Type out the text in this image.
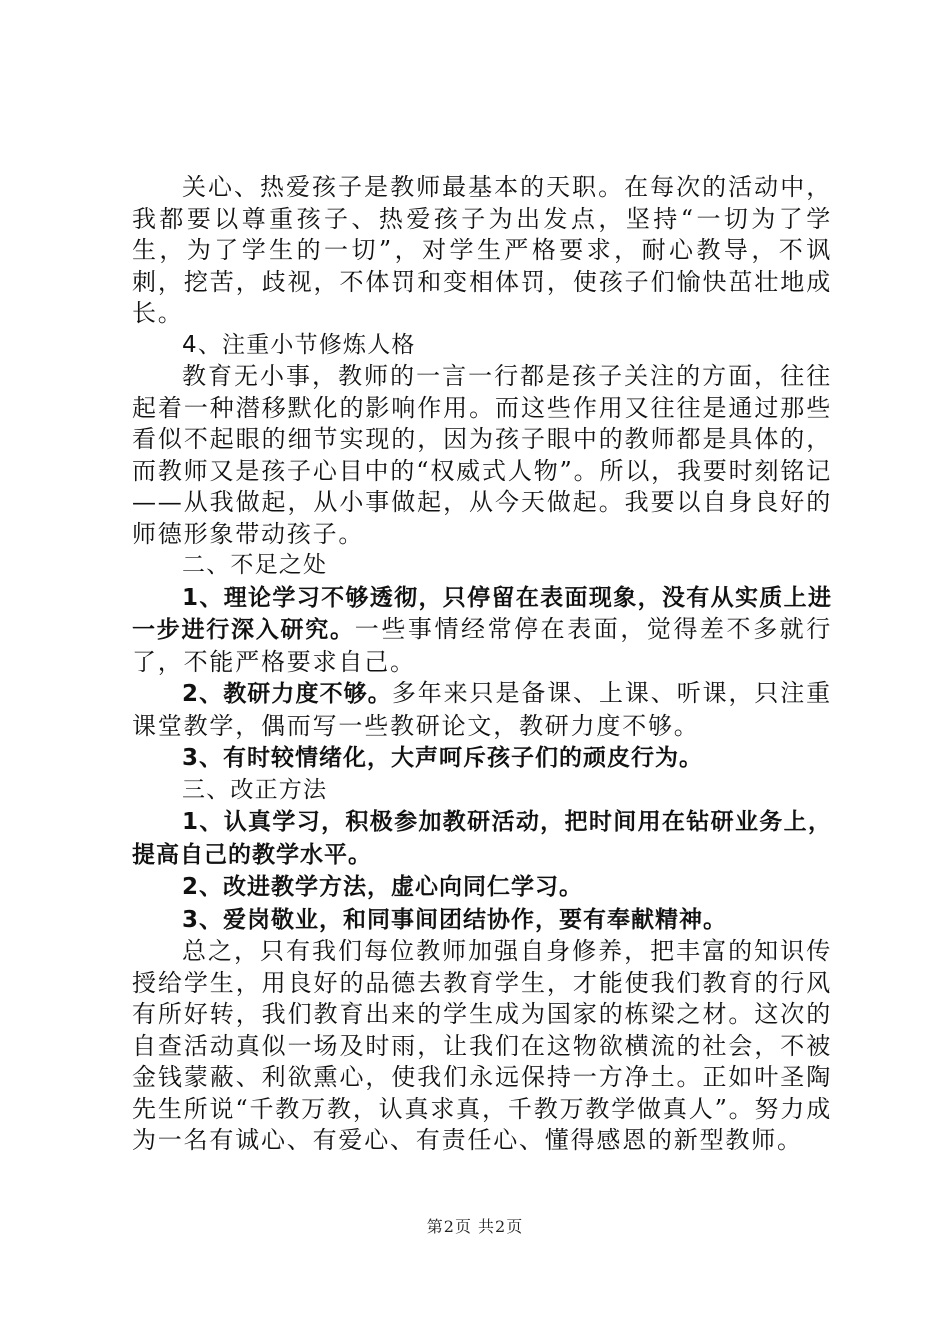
关心、热爱孩子是教师最基本的天职。在每次的活动中，我都要以尊重孩子、热爱孩子为出发点，坚持“一切为了学生，为了学生的一切”，对学生严格要求，耐心教导，不讽刺，挖苦，歧视，不体罚和变相体罚，使孩子们愉快茁壮地成长。

4、注重小节修炼人格

教育无小事，教师的一言一行都是孩子关注的方面，往往起着一种潜移默化的影响作用。而这些作用又往往是通过那些看似不起眼的细节实现的，因为孩子眼中的教师都是具体的，而教师又是孩子心目中的“权威式人物”。所以，我要时刻铭记——从我做起，从小事做起，从今天做起。我要以自身良好的师德形象带动孩子。

二、不足之处

1、理论学习不够透彻，只停留在表面现象，没有从实质上进一步进行深入研究。一些事情经常停在表面，觉得差不多就行了，不能严格要求自己。

2、教研力度不够。多年来只是备课、上课、听课，只注重课堂教学，偶而写一些教研论文，教研力度不够。

3、有时较情绪化，大声呵斥孩子们的顽皮行为。

三、改正方法

1、认真学习，积极参加教研活动，把时间用在钻研业务上，提高自己的教学水平。

2、改进教学方法，虚心向同仁学习。

3、爱岗敬业，和同事间团结协作，要有奉献精神。

总之，只有我们每位教师加强自身修养，把丰富的知识传授给学生，用良好的品德去教育学生，才能使我们教育的行风有所好转，我们教育出来的学生成为国家的栋梁之材。这次的自查活动真似一场及时雨，让我们在这物欲横流的社会，不被金钱蒙蔽、利欲熏心，使我们永远保持一方净土。正如叶圣陶先生所说“千教万教，认真求真，千教万教学做真人”。努力成为一名有诚心、有爱心、有责任心、懂得感恩的新型教师。

第2页 共2页
